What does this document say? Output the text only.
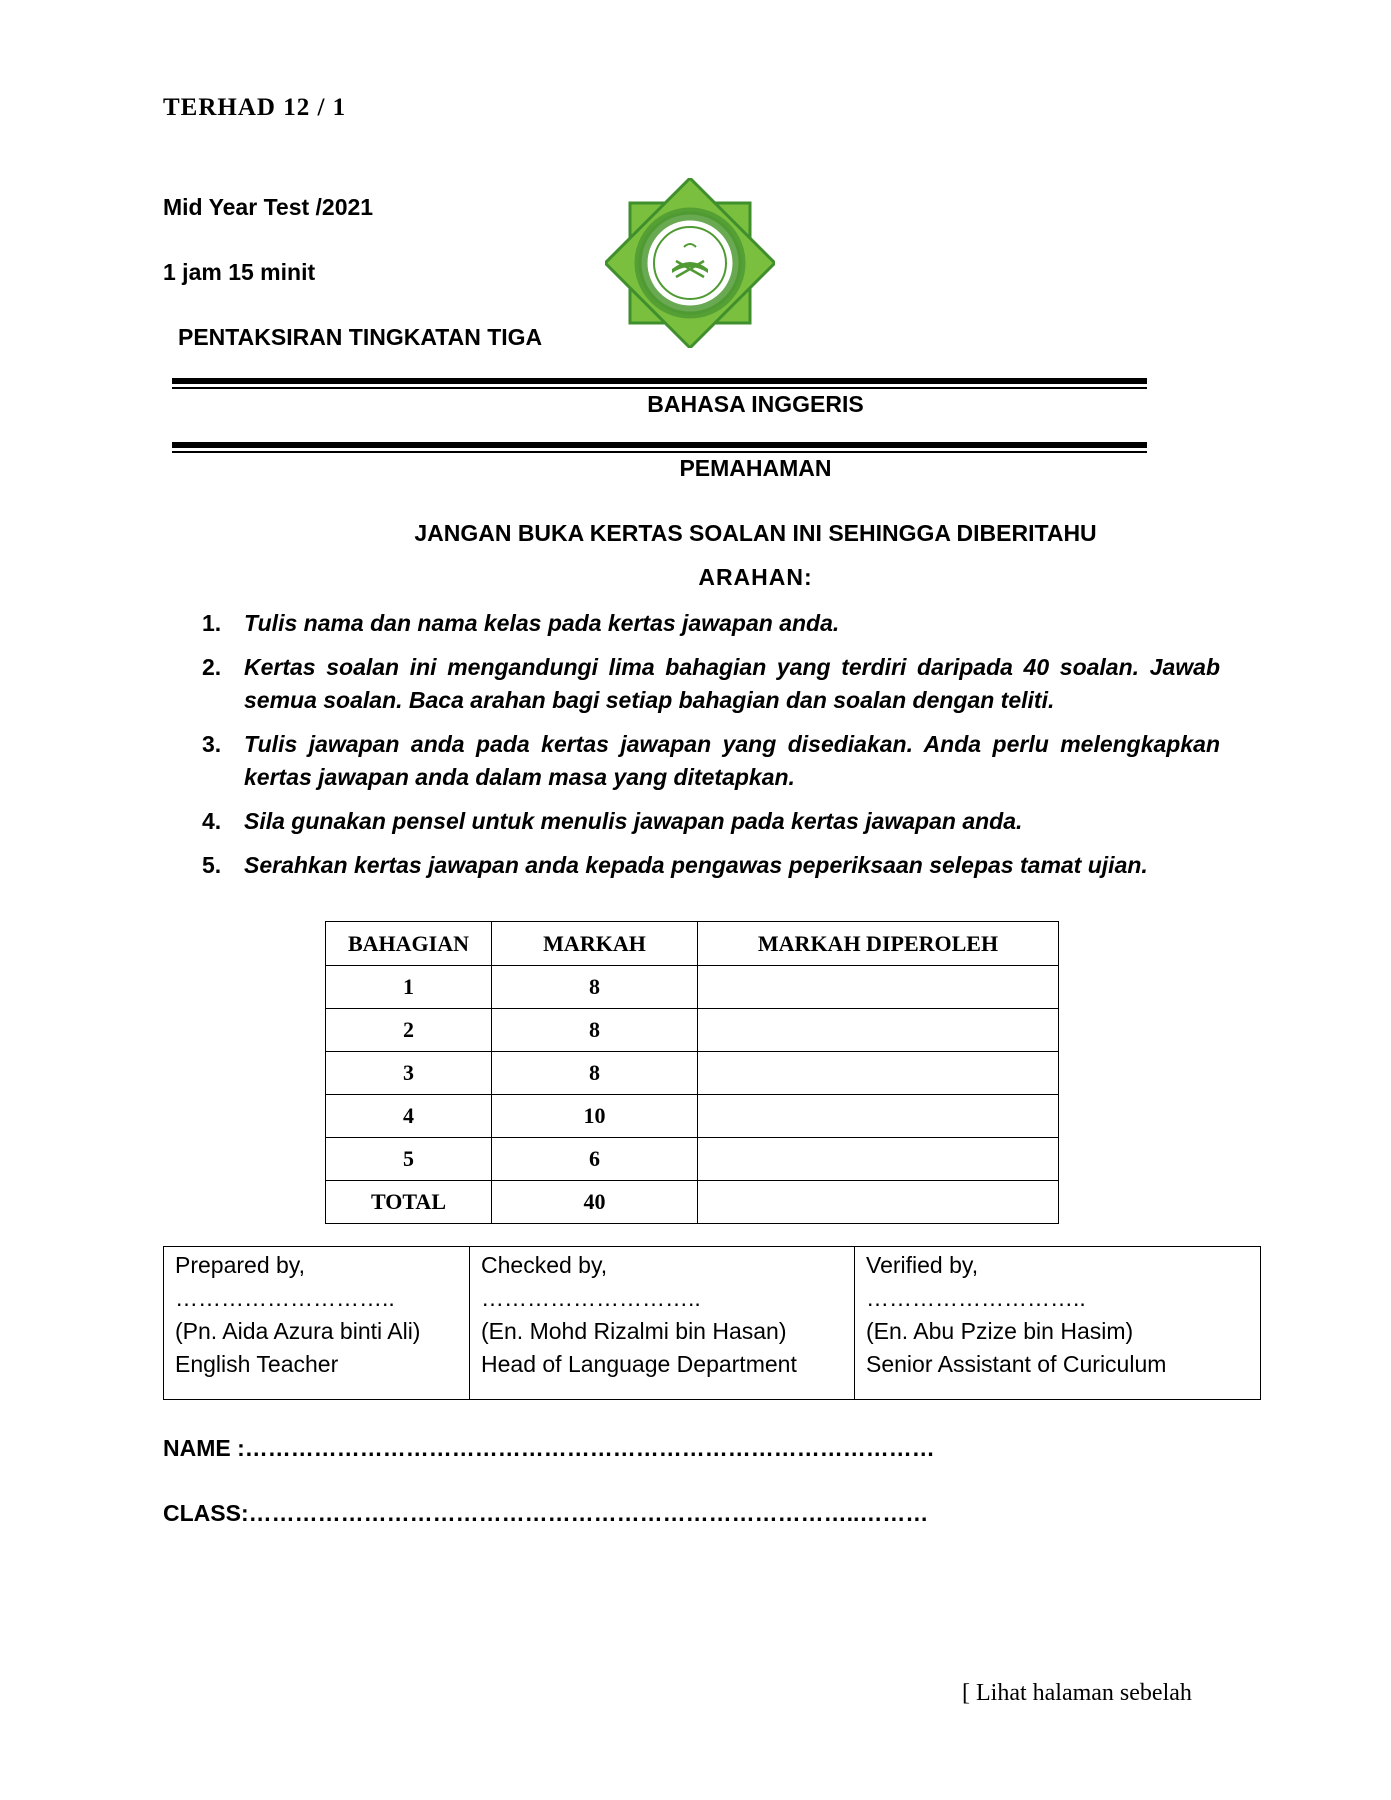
TERHAD 12 / 1
Mid Year Test /2021
1 jam 15 minit
PENTAKSIRAN TINGKATAN TIGA
BAHASA INGGERIS
PEMAHAMAN
JANGAN BUKA KERTAS SOALAN INI SEHINGGA DIBERITAHU
ARAHAN:
1. Tulis nama dan nama kelas pada kertas jawapan anda.
2. Kertas soalan ini mengandungi lima bahagian yang terdiri daripada 40 soalan. Jawab semua soalan. Baca arahan bagi setiap bahagian dan soalan dengan teliti.
3. Tulis jawapan anda pada kertas jawapan yang disediakan. Anda perlu melengkapkan kertas jawapan anda dalam masa yang ditetapkan.
4. Sila gunakan pensel untuk menulis jawapan pada kertas jawapan anda.
5. Serahkan kertas jawapan anda kepada pengawas peperiksaan selepas tamat ujian.
BAHAGIAN	MARKAH	MARKAH DIPEROLEH
1	8	
2	8	
3	8	
4	10	
5	6	
TOTAL	40	
Prepared by,
………………………..
(Pn. Aida Azura binti Ali)
English Teacher

Checked by,
………………………..
(En. Mohd Rizalmi bin Hasan)
Head of Language Department

Verified by,
………………………..
(En. Abu Pzize bin Hasim)
Senior Assistant of Curiculum
NAME :………………………………………………………………………………
CLASS:……………………………………………………………………..………
[ Lihat halaman sebelah
